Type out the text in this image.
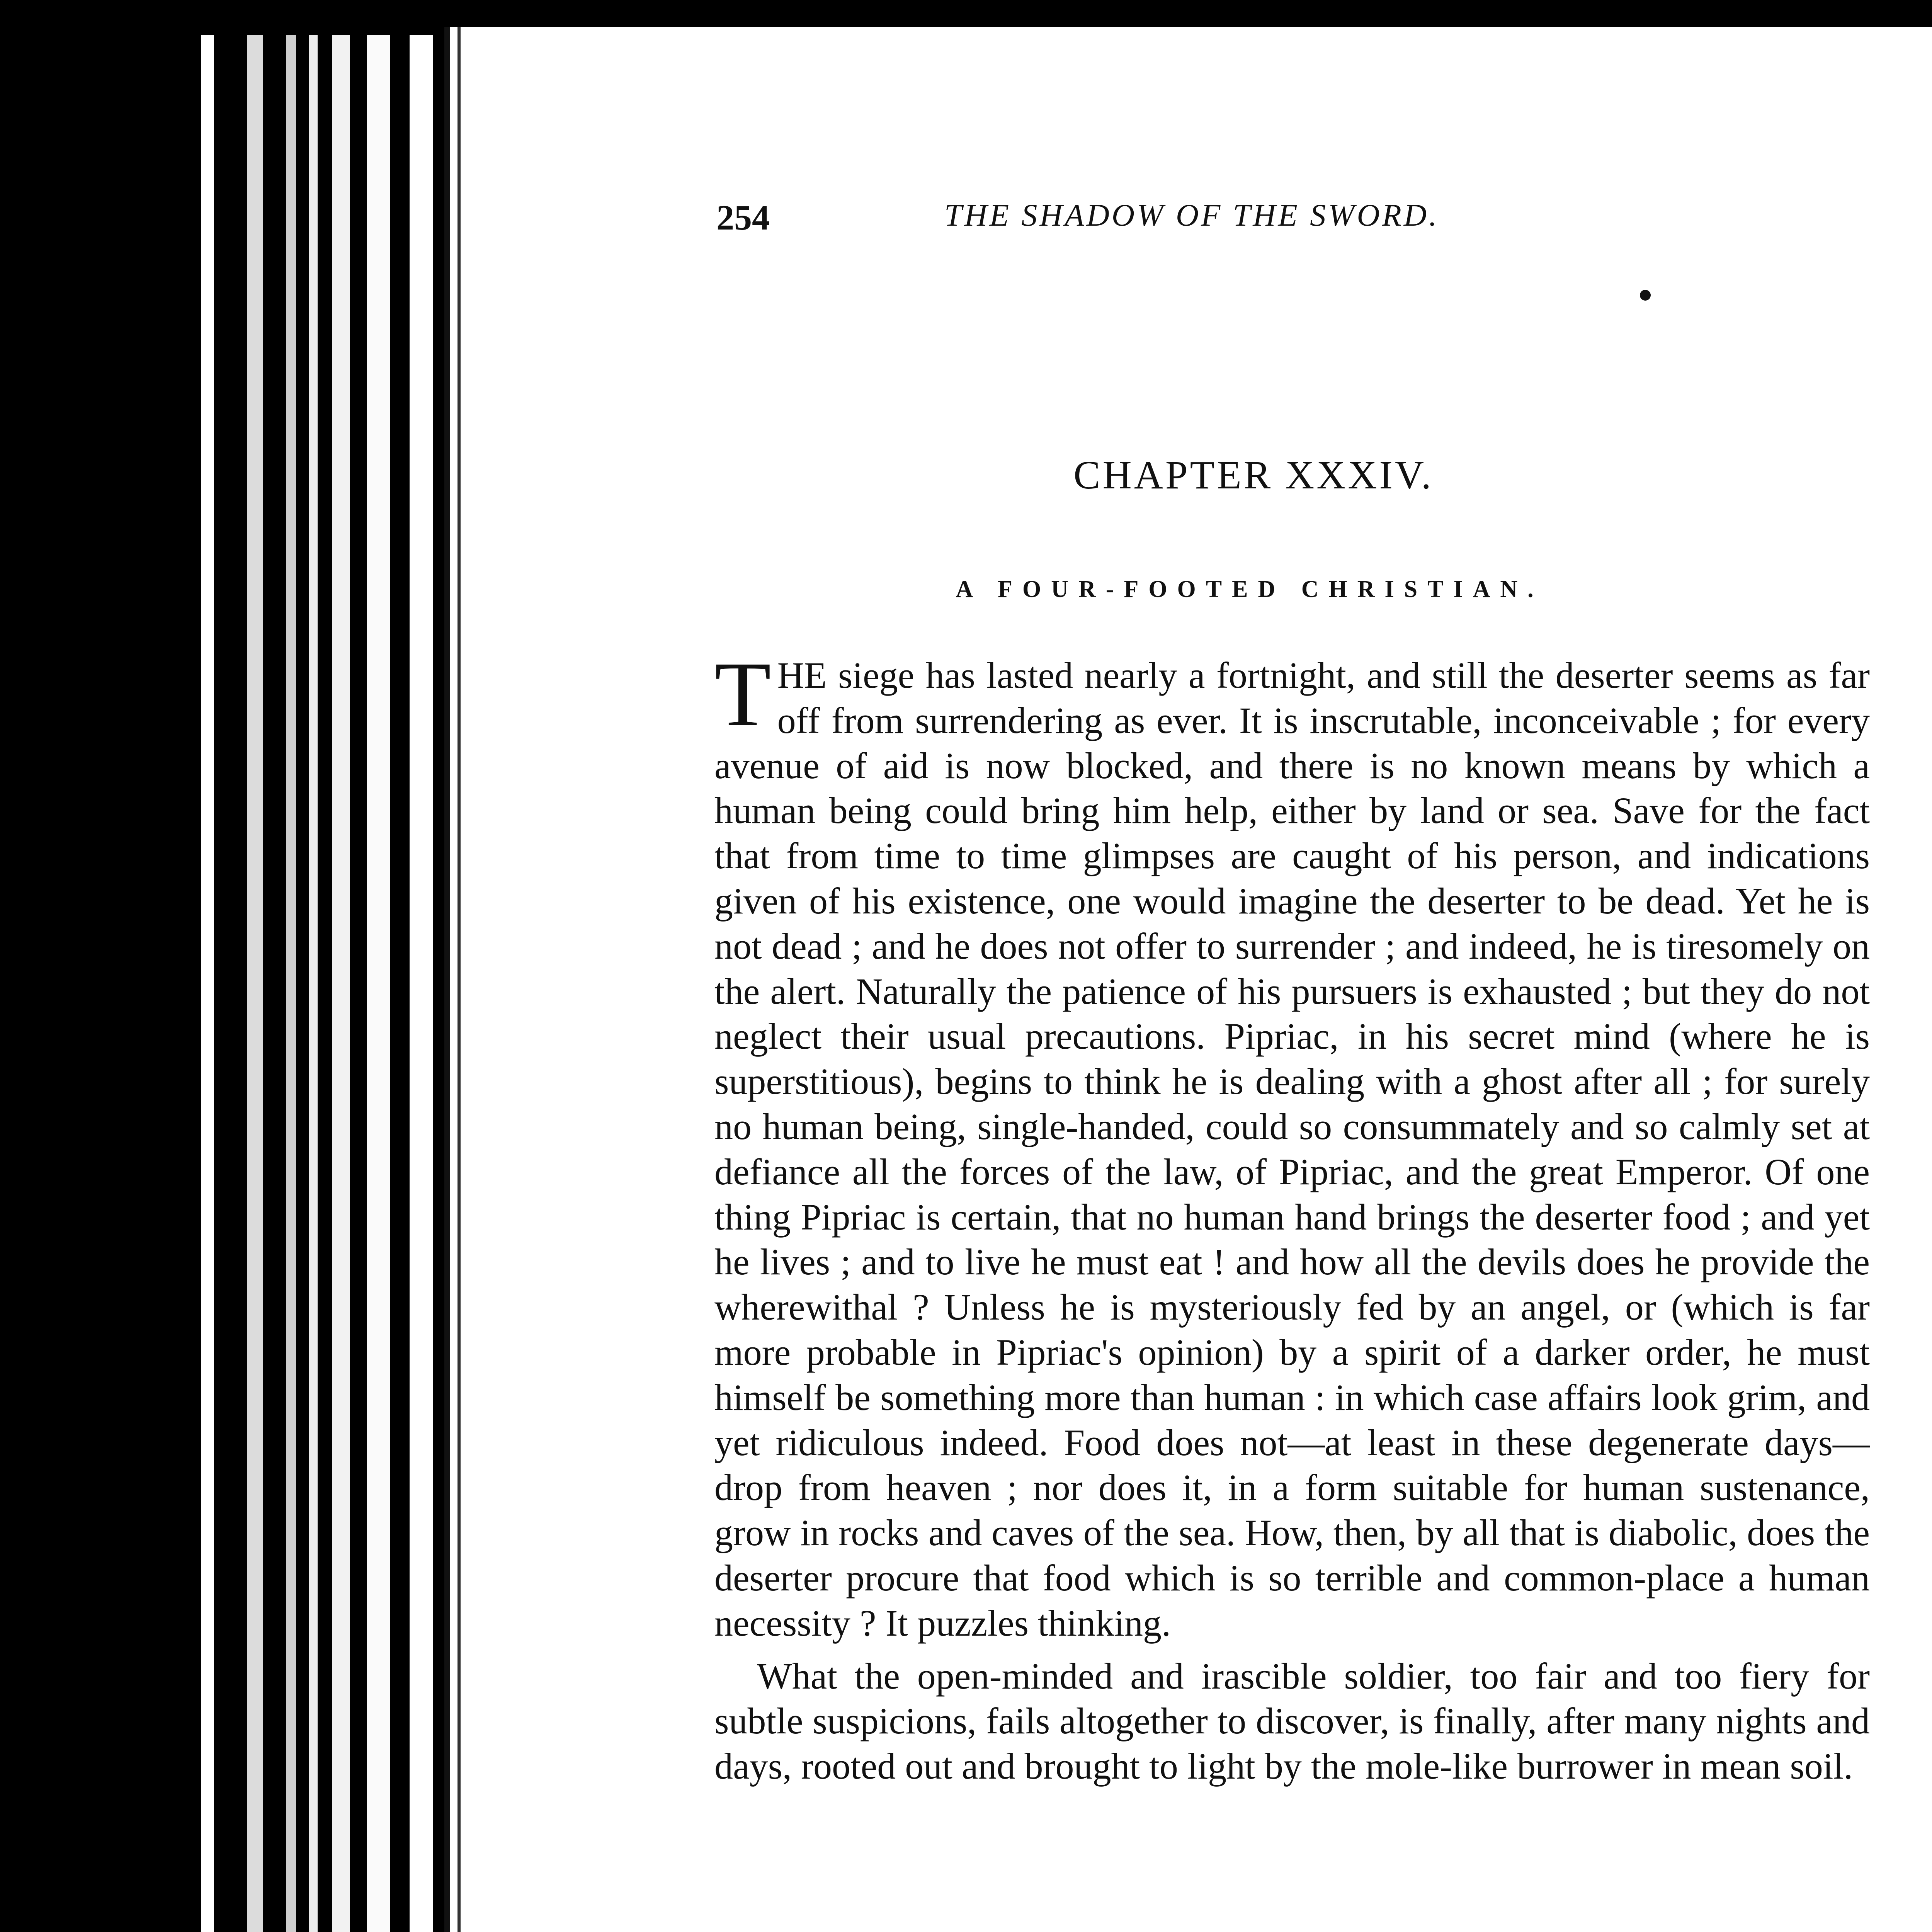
254	THE SHADOW OF THE SWORD.
CHAPTER XXXIV.
A FOUR-FOOTED CHRISTIAN.

THE siege has lasted nearly a fortnight, and still the deserter seems as far off from surrendering as ever. It is inscrutable, inconceivable ; for every avenue of aid is now blocked, and there is no known means by which a human being could bring him help, either by land or sea. Save for the fact that from time to time glimpses are caught of his person, and indications given of his existence, one would imagine the deserter to be dead. Yet he is not dead ; and he does not offer to surrender ; and indeed, he is tiresomely on the alert. Naturally the patience of his pursuers is exhausted ; but they do not neglect their usual precautions. Pipriac, in his secret mind (where he is superstitious), begins to think he is dealing with a ghost after all ; for surely no human being, single-handed, could so consummately and so calmly set at defiance all the forces of the law, of Pipriac, and the great Emperor. Of one thing Pipriac is certain, that no human hand brings the deserter food ; and yet he lives ; and to live he must eat ! and how all the devils does he provide the wherewithal ? Unless he is mysteriously fed by an angel, or (which is far more probable in Pipriac's opinion) by a spirit of a darker order, he must himself be something more than human : in which case affairs look grim, and yet ridiculous indeed. Food does not—at least in these degenerate days—drop from heaven ; nor does it, in a form suitable for human sustenance, grow in rocks and caves of the sea. How, then, by all that is diabolic, does the deserter procure that food which is so terrible and common-place a human necessity ? It puzzles thinking.

What the open-minded and irascible soldier, too fair and too fiery for subtle suspicions, fails altogether to discover, is finally, after many nights and days, rooted out and brought to light by the mole-like burrower in mean soil.
